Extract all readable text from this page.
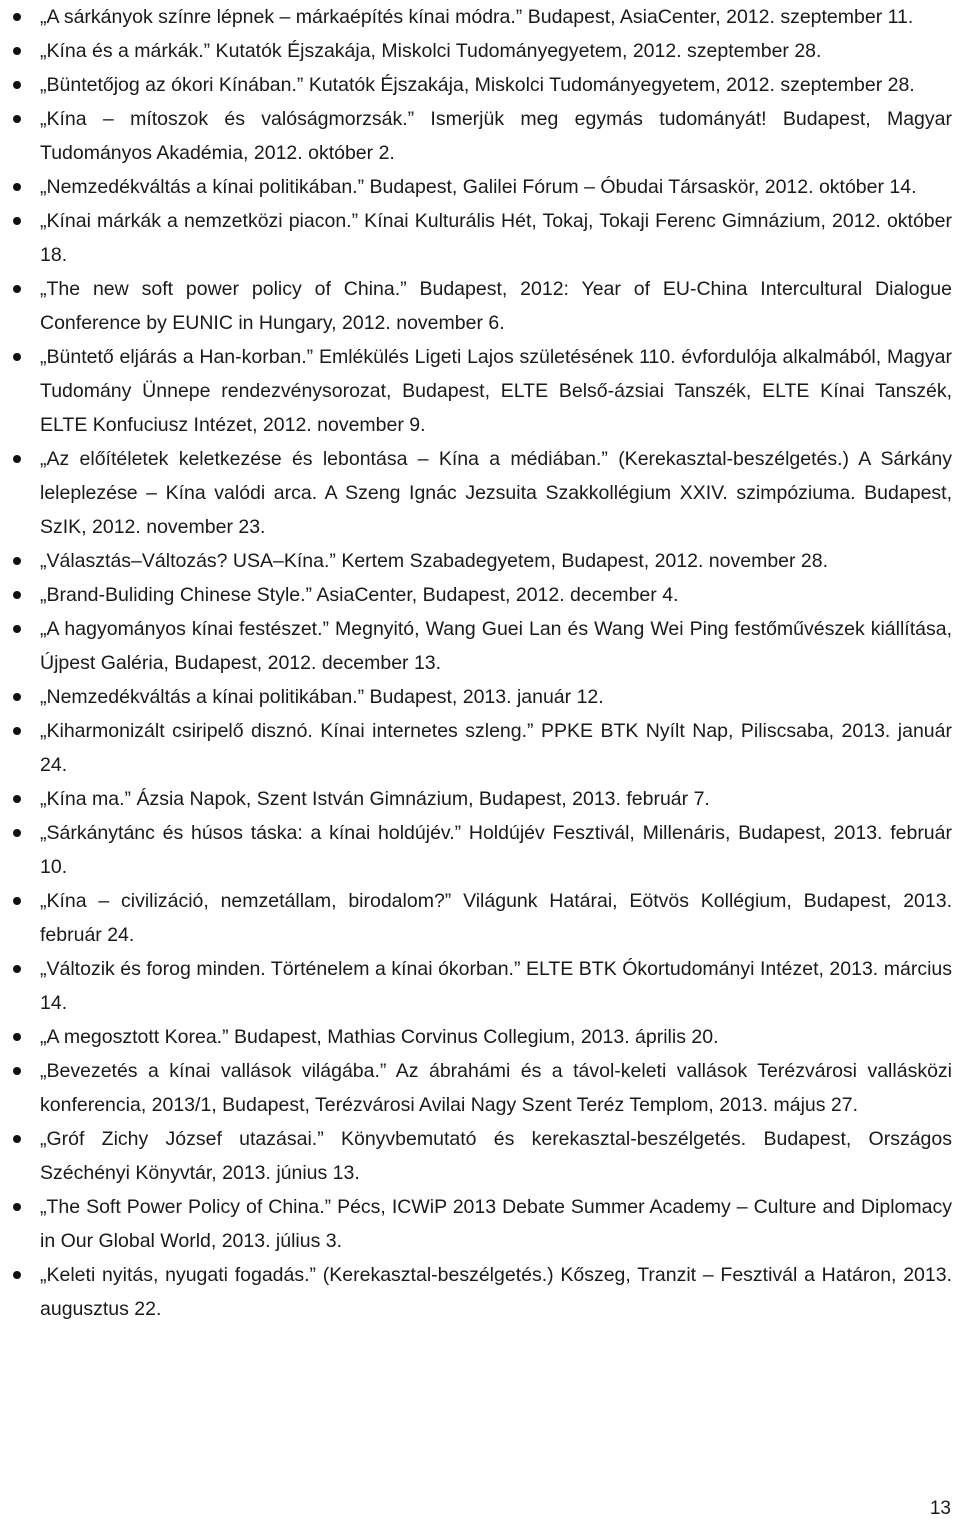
„A sárkányok színre lépnek – márkaépítés kínai módra.” Budapest, AsiaCenter, 2012. szeptember 11.
„Kína és a márkák.” Kutatók Éjszakája, Miskolci Tudományegyetem, 2012. szeptember 28.
„Büntetőjog az ókori Kínában.” Kutatók Éjszakája, Miskolci Tudományegyetem, 2012. szeptember 28.
„Kína – mítoszok és valóságmorzsák.” Ismerjük meg egymás tudományát! Budapest, Magyar Tudományos Akadémia, 2012. október 2.
„Nemzedékváltás a kínai politikában.” Budapest, Galilei Fórum – Óbudai Társaskör, 2012. október 14.
„Kínai márkák a nemzetközi piacon.” Kínai Kulturális Hét, Tokaj, Tokaji Ferenc Gimnázium, 2012. október 18.
„The new soft power policy of China.” Budapest, 2012: Year of EU-China Intercultural Dialogue Conference by EUNIC in Hungary, 2012. november 6.
„Büntető eljárás a Han-korban.” Emlékülés Ligeti Lajos születésének 110. évfordulója alkalmából, Magyar Tudomány Ünnepe rendezvénysorozat, Budapest, ELTE Belső-ázsiai Tanszék, ELTE Kínai Tanszék, ELTE Konfuciusz Intézet, 2012. november 9.
„Az előítéletek keletkezése és lebontása – Kína a médiában.” (Kerekasztal-beszélgetés.) A Sárkány leleplezése – Kína valódi arca. A Szeng Ignác Jezsuita Szakkollégium XXIV. szimpóziuma. Budapest, SzIK, 2012. november 23.
„Választás–Változás? USA–Kína.” Kertem Szabadegyetem, Budapest, 2012. november 28.
„Brand-Buliding Chinese Style.” AsiaCenter, Budapest, 2012. december 4.
„A hagyományos kínai festészet.” Megnyitó, Wang Guei Lan és Wang Wei Ping festőművészek kiállítása, Újpest Galéria, Budapest, 2012. december 13.
„Nemzedékváltás a kínai politikában.” Budapest, 2013. január 12.
„Kiharmonizált csiripelő disznó. Kínai internetes szleng.” PPKE BTK Nyílt Nap, Piliscsaba, 2013. január 24.
„Kína ma.” Ázsia Napok, Szent István Gimnázium, Budapest, 2013. február 7.
„Sárkánytánc és húsos táska: a kínai holdújév.” Holdújév Fesztivál, Millenáris, Budapest, 2013. február 10.
„Kína – civilizáció, nemzetállam, birodalom?” Világunk Határai, Eötvös Kollégium, Budapest, 2013. február 24.
„Változik és forog minden. Történelem a kínai ókorban.” ELTE BTK Ókortudományi Intézet, 2013. március 14.
„A megosztott Korea.” Budapest, Mathias Corvinus Collegium, 2013. április 20.
„Bevezetés a kínai vallások világába.” Az ábrahámi és a távol-keleti vallások Terézvárosi vallásközi konferencia, 2013/1, Budapest, Terézvárosi Avilai Nagy Szent Teréz Templom, 2013. május 27.
„Gróf Zichy József utazásai.” Könyvbemutató és kerekasztal-beszélgetés. Budapest, Országos Széchényi Könyvtár, 2013. június 13.
„The Soft Power Policy of China.” Pécs, ICWiP 2013 Debate Summer Academy – Culture and Diplomacy in Our Global World, 2013. július 3.
„Keleti nyitás, nyugati fogadás.” (Kerekasztal-beszélgetés.) Kőszeg, Tranzit – Fesztivál a Határon, 2013. augusztus 22.
13
